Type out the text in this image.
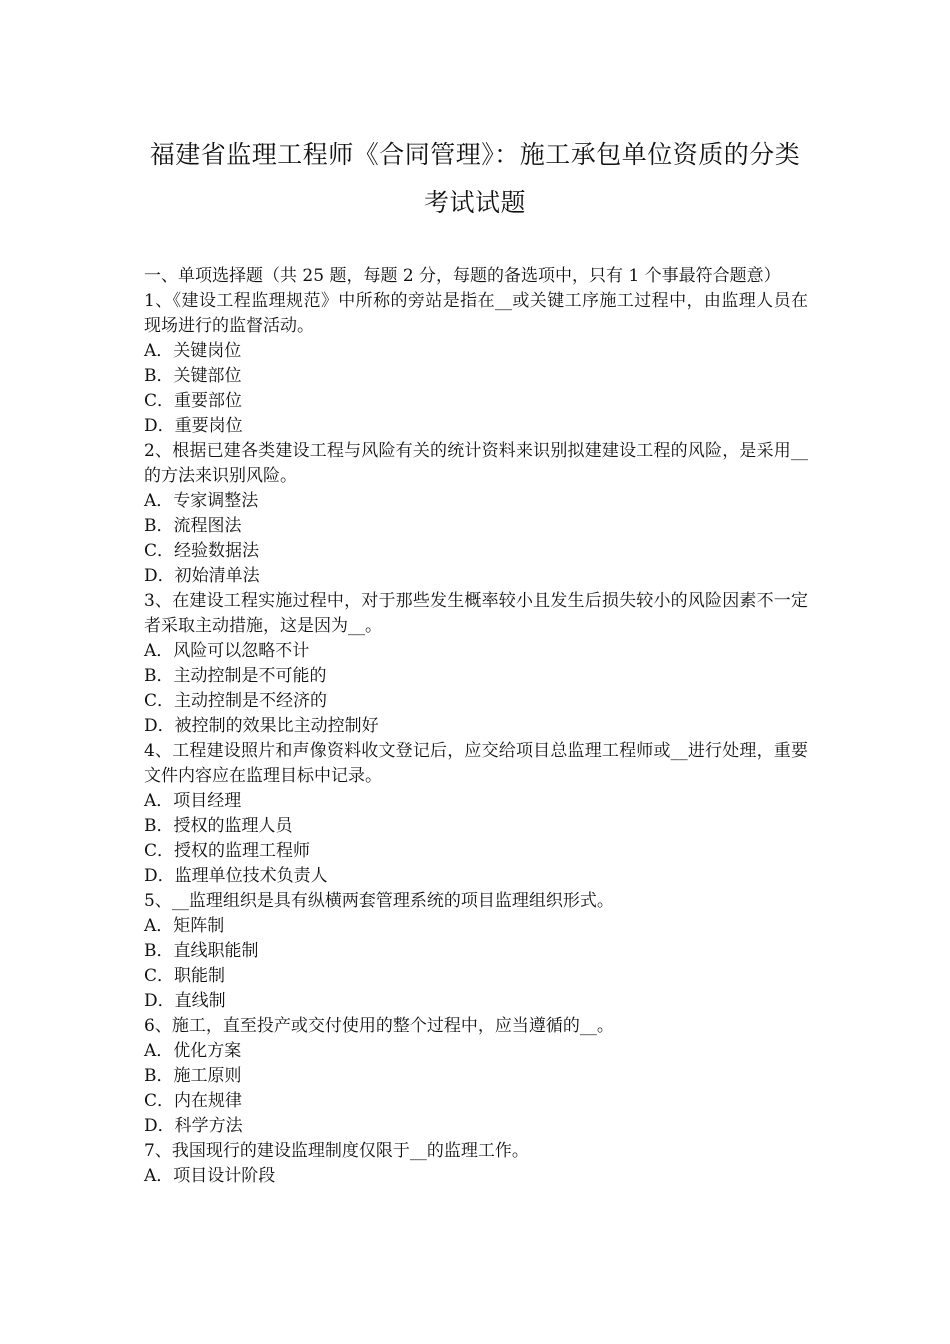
福建省监理工程师《合同管理》：施工承包单位资质的分类
考试试题

一、单项选择题（共 25 题，每题 2 分，每题的备选项中，只有 1 个事最符合题意）

1、《建设工程监理规范》中所称的旁站是指在__或关键工序施工过程中，由监理人员在现场进行的监督活动。

A．关键岗位

B．关键部位

C．重要部位

D．重要岗位

2、根据已建各类建设工程与风险有关的统计资料来识别拟建建设工程的风险，是采用__的方法来识别风险。

A．专家调整法

B．流程图法

C．经验数据法

D．初始清单法

3、在建设工程实施过程中，对于那些发生概率较小且发生后损失较小的风险因素不一定者采取主动措施，这是因为__。

A．风险可以忽略不计

B．主动控制是不可能的

C．主动控制是不经济的

D．被控制的效果比主动控制好

4、工程建设照片和声像资料收文登记后，应交给项目总监理工程师或__进行处理，重要文件内容应在监理目标中记录。

A．项目经理

B．授权的监理人员

C．授权的监理工程师

D．监理单位技术负责人

5、__监理组织是具有纵横两套管理系统的项目监理组织形式。

A．矩阵制

B．直线职能制

C．职能制

D．直线制

6、施工，直至投产或交付使用的整个过程中，应当遵循的__。

A．优化方案

B．施工原则

C．内在规律

D．科学方法

7、我国现行的建设监理制度仅限于__的监理工作。

A．项目设计阶段
